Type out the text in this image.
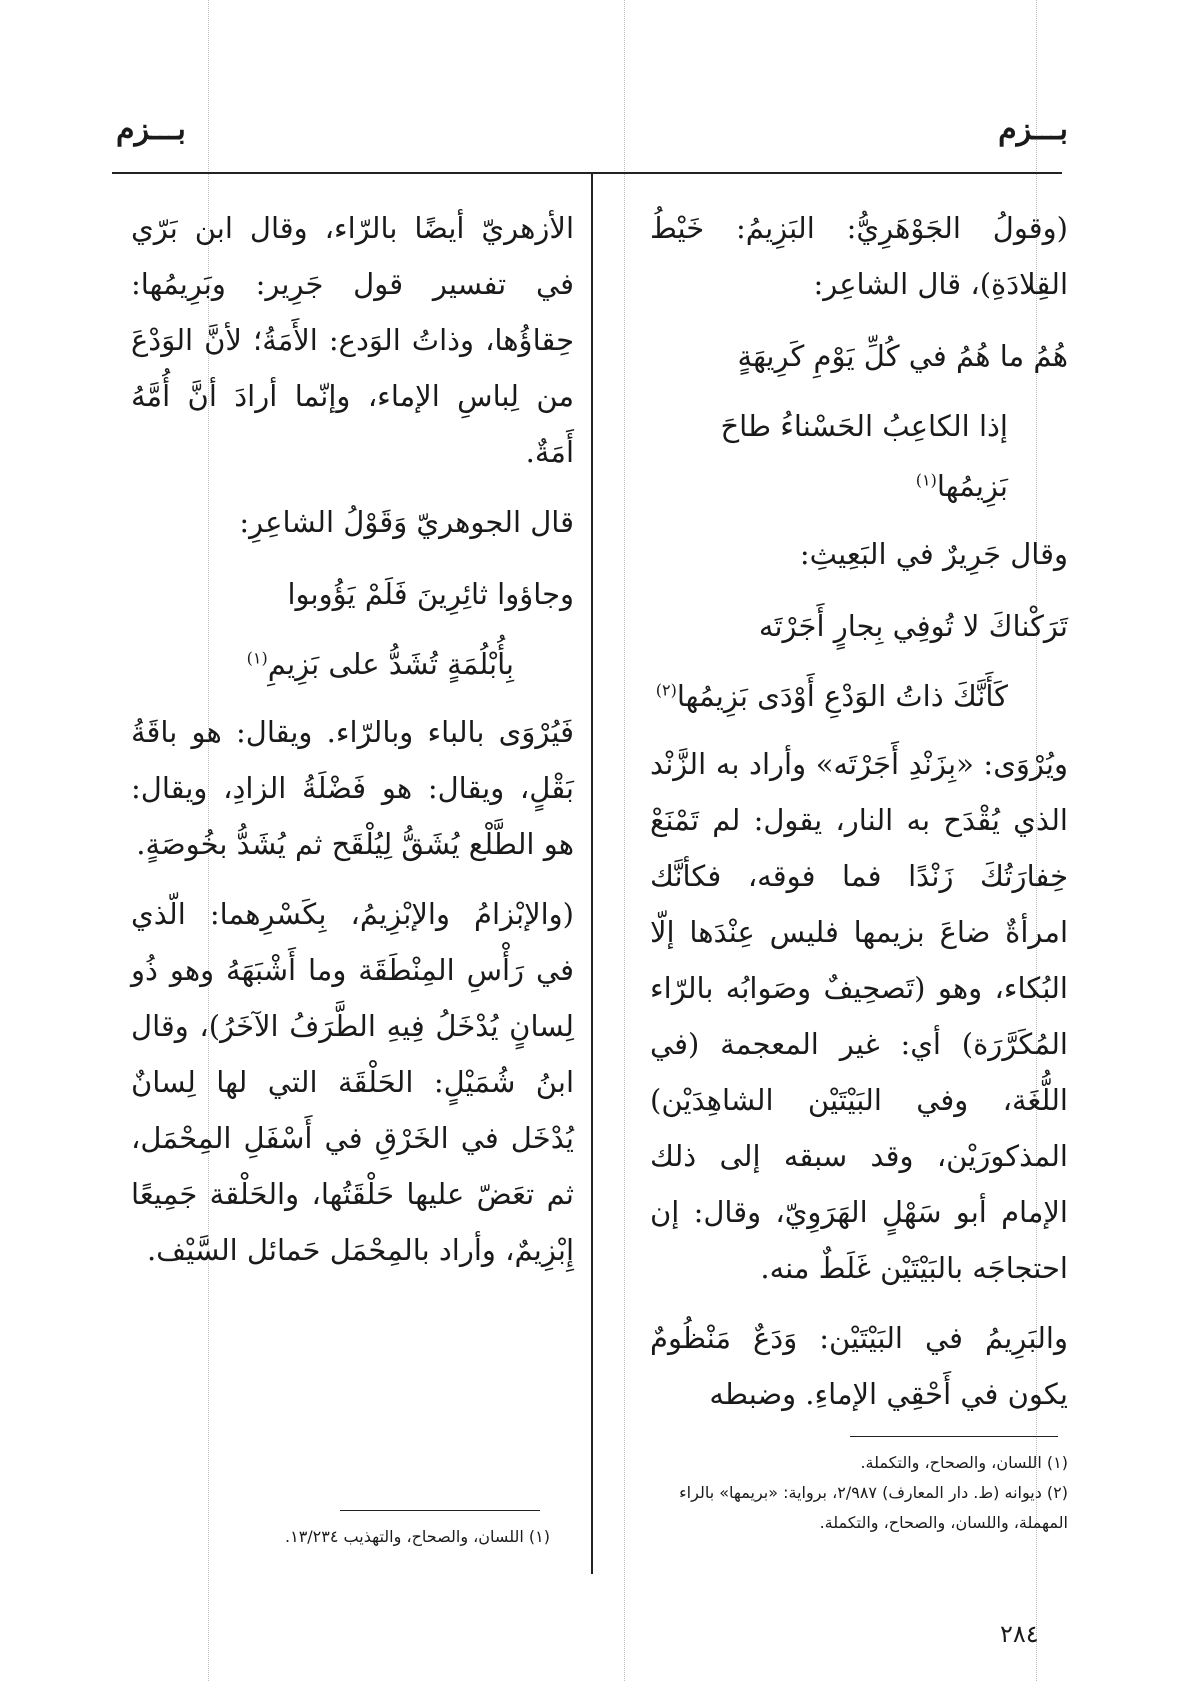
بـــزم
بـــزم

(وقولُ الجَوْهَرِيُّ: البَزِيمُ: خَيْطُ القِلادَةِ)، قال الشاعِر:

هُمُ ما هُمُ في كُلِّ يَوْمِ كَرِيهَةٍ
إذا الكاعِبُ الحَسْناءُ طاحَ بَزِيمُها$^{(١)}$

وقال جَرِيرٌ في البَعِيثِ:

تَرَكْناكَ لا تُوفِي بِجارٍ أَجَرْتَه
كَأَنَّكَ ذاتُ الوَدْعِ أَوْدَى بَزِيمُها$^{(٢)}$

ويُرْوَى: «بِزَنْدِ أَجَرْتَه» وأراد به الزَّنْد الذي يُقْدَح به النار، يقول: لم تَمْنَعْ خِفارَتُكَ زَنْدًا فما فوقه، فكأنَّك امرأةٌ ضاعَ بزيمها فليس عِنْدَها إلّا البُكاء، وهو (تَصحِيفٌ وصَوابُه بالرّاء المُكَرَّرَة) أي: غير المعجمة (في اللُّغَة، وفي البَيْتَيْن الشاهِدَيْن) المذكورَيْن، وقد سبقه إلى ذلك الإمام أبو سَهْلٍ الهَرَوِيّ، وقال: إن احتجاجَه بالبَيْتَيْن غَلَطٌ منه.

والبَرِيمُ في البَيْتَيْن: وَدَعٌ مَنْظُومٌ يكون في أَحْقِي الإماءِ. وضبطه

الأزهريّ أيضًا بالرّاء، وقال ابن بَرّي في تفسير قول جَرِير: وبَرِيمُها: حِقاؤُها، وذاتُ الوَدع: الأَمَةُ؛ لأنَّ الوَدْعَ من لِباسِ الإماء، وإنّما أرادَ أنَّ أُمَّهُ أَمَةٌ.

قال الجوهريّ وَقَوْلُ الشاعِرِ:

وجاؤوا ثائِرِينَ فَلَمْ يَؤُوبوا
بِأُبْلُمَةٍ تُشَدُّ على بَزِيمِ$^{(١)}$

فَيُرْوَى بالباء وبالرّاء. ويقال: هو باقَةُ بَقْلٍ، ويقال: هو فَضْلَةُ الزادِ، ويقال: هو الطَّلْع يُشَقُّ لِيُلْقَح ثم يُشَدُّ بخُوصَةٍ.

(والإبْزامُ والإبْزِيمُ، بِكَسْرِهما: الّذي في رَأْسِ المِنْطَقَة وما أَشْبَهَهُ وهو ذُو لِسانٍ يُدْخَلُ فِيهِ الطَّرَفُ الآخَرُ)، وقال ابنُ شُمَيْلٍ: الحَلْقَة التي لها لِسانٌ يُدْخَل في الخَرْقِ في أَسْفَلِ المِحْمَل، ثم تعَضّ عليها حَلْقَتُها، والحَلْقة جَمِيعًا إِبْزِيمٌ، وأراد بالمِحْمَل حَمائل السَّيْف.

(١) اللسان، والصحاح، والتكملة.

(٢) ديوانه (ط. دار المعارف) ٢/٩٨٧، برواية: «بريمها» بالراء المهملة، واللسان، والصحاح، والتكملة.

(١) اللسان، والصحاح، والتهذيب ١٣/٢٣٤.

٢٨٤
